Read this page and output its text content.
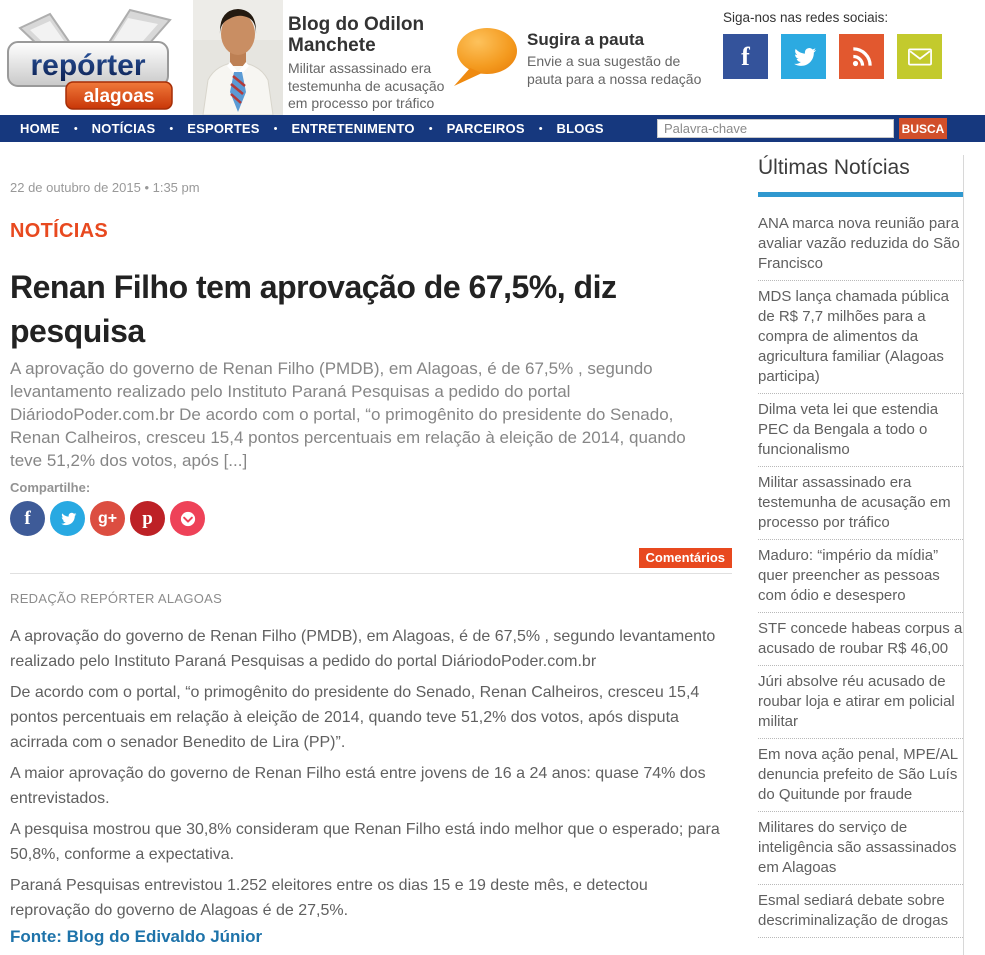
repórter
alagoas
Blog do Odilon Manchete
Militar assassinado era testemunha de acusação em processo por tráfico
Sugira a pauta
Envie a sua sugestão de pauta para a nossa redação
Siga-nos nas redes sociais:
f
HOME • NOTÍCIAS • ESPORTES • ENTRETENIMENTO • PARCEIROS • BLOGS
Palavra-chave	BUSCA
22 de outubro de 2015 • 1:35 pm
NOTÍCIAS
Renan Filho tem aprovação de 67,5%, diz pesquisa
A aprovação do governo de Renan Filho (PMDB), em Alagoas, é de 67,5% , segundo levantamento realizado pelo Instituto Paraná Pesquisas a pedido do portal DiáriodoPoder.com.br De acordo com o portal, “o primogênito do presidente do Senado, Renan Calheiros, cresceu 15,4 pontos percentuais em relação à eleição de 2014, quando teve 51,2% dos votos, após [...]
Compartilhe:
f	g+ p
Comentários
REDAÇÃO REPÓRTER ALAGOAS

A aprovação do governo de Renan Filho (PMDB), em Alagoas, é de 67,5% , segundo levantamento realizado pelo Instituto Paraná Pesquisas a pedido do portal DiáriodoPoder.com.br

De acordo com o portal, “o primogênito do presidente do Senado, Renan Calheiros, cresceu 15,4 pontos percentuais em relação à eleição de 2014, quando teve 51,2% dos votos, após disputa acirrada com o senador Benedito de Lira (PP)”.

A maior aprovação do governo de Renan Filho está entre jovens de 16 a 24 anos: quase 74% dos entrevistados.

A pesquisa mostrou que 30,8% consideram que Renan Filho está indo melhor que o esperado; para 50,8%, conforme a expectativa.

Paraná Pesquisas entrevistou 1.252 eleitores entre os dias 15 e 19 deste mês, e detectou reprovação do governo de Alagoas é de 27,5%.

Fonte: Blog do Edivaldo Júnior
Últimas Notícias
ANA marca nova reunião para avaliar vazão reduzida do São Francisco
MDS lança chamada pública de R$ 7,7 milhões para a compra de alimentos da agricultura familiar (Alagoas participa)
Dilma veta lei que estendia PEC da Bengala a todo o funcionalismo
Militar assassinado era testemunha de acusação em processo por tráfico
Maduro: “império da mídia” quer preencher as pessoas com ódio e desespero
STF concede habeas corpus a acusado de roubar R$ 46,00
Júri absolve réu acusado de roubar loja e atirar em policial militar
Em nova ação penal, MPE/AL denuncia prefeito de São Luís do Quitunde por fraude
Militares do serviço de inteligência são assassinados em Alagoas
Esmal sediará debate sobre descriminalização de drogas
